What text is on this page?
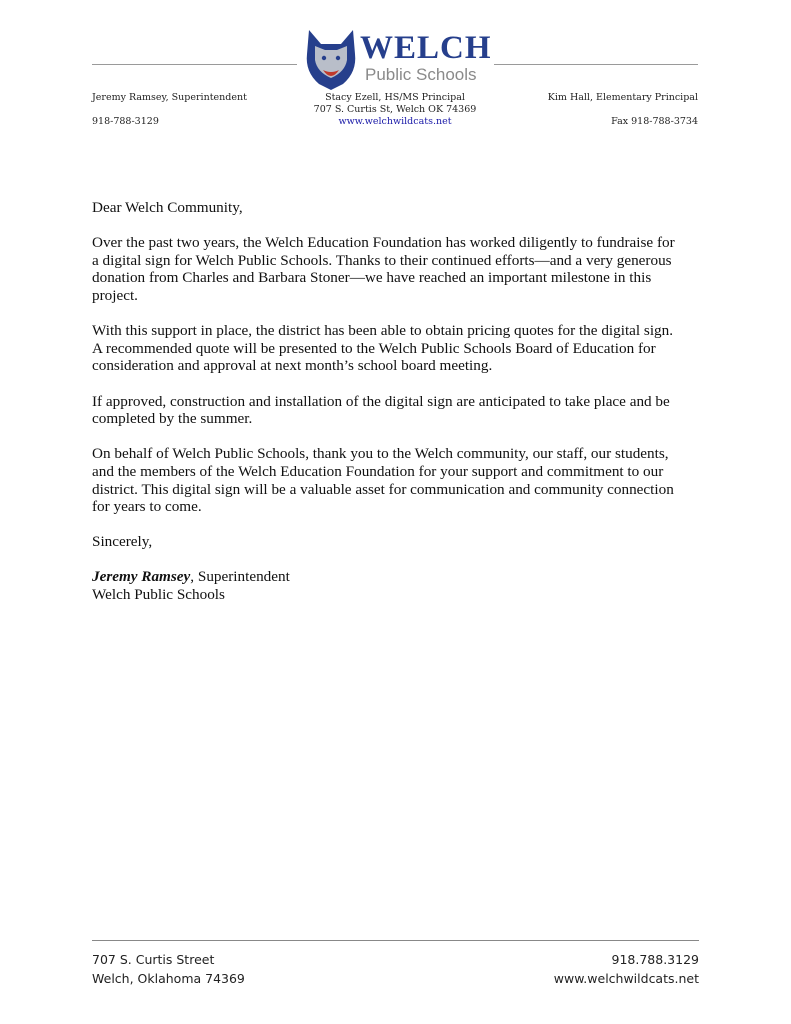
WELCH
Public Schools
Jeremy Ramsey, Superintendent
918-788-3129
Stacy Ezell, HS/MS Principal
707 S. Curtis St, Welch OK 74369
www.welchwildcats.net
Kim Hall, Elementary Principal
Fax 918-788-3734

Dear Welch Community,

Over the past two years, the Welch Education Foundation has worked diligently to fundraise for
a digital sign for Welch Public Schools. Thanks to their continued efforts—and a very generous
donation from Charles and Barbara Stoner—we have reached an important milestone in this
project.

With this support in place, the district has been able to obtain pricing quotes for the digital sign.
A recommended quote will be presented to the Welch Public Schools Board of Education for
consideration and approval at next month’s school board meeting.

If approved, construction and installation of the digital sign are anticipated to take place and be
completed by the summer.

On behalf of Welch Public Schools, thank you to the Welch community, our staff, our students,
and the members of the Welch Education Foundation for your support and commitment to our
district. This digital sign will be a valuable asset for communication and community connection
for years to come.

Sincerely,

Jeremy Ramsey, Superintendent
Welch Public Schools

707 S. Curtis Street
Welch, Oklahoma 74369
918.788.3129
www.welchwildcats.net
